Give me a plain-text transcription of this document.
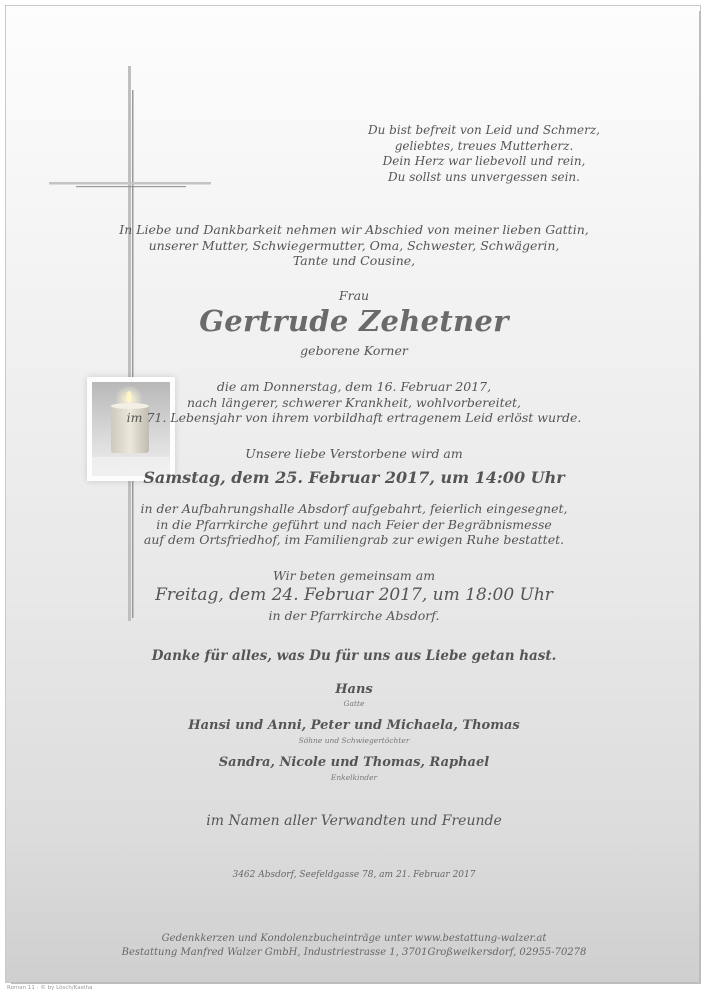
Du bist befreit von Leid und Schmerz,
geliebtes, treues Mutterherz.
Dein Herz war liebevoll und rein,
Du sollst uns unvergessen sein.
In Liebe und Dankbarkeit nehmen wir Abschied von meiner lieben Gattin,
unserer Mutter, Schwiegermutter, Oma, Schwester, Schwägerin,
Tante und Cousine,
Frau
Gertrude Zehetner
geborene Korner
die am Donnerstag, dem 16. Februar 2017,
nach längerer, schwerer Krankheit, wohlvorbereitet,
im 71. Lebensjahr von ihrem vorbildhaft ertragenem Leid erlöst wurde.
Unsere liebe Verstorbene wird am
Samstag, dem 25. Februar 2017, um 14:00 Uhr
in der Aufbahrungshalle Absdorf aufgebahrt, feierlich eingesegnet,
in die Pfarrkirche geführt und nach Feier der Begräbnismesse
auf dem Ortsfriedhof, im Familiengrab zur ewigen Ruhe bestattet.
Wir beten gemeinsam am
Freitag, dem 24. Februar 2017, um 18:00 Uhr
in der Pfarrkirche Absdorf.
Danke für alles, was Du für uns aus Liebe getan hast.
Hans
Gatte
Hansi und Anni, Peter und Michaela, Thomas
Söhne und Schwiegertöchter
Sandra, Nicole und Thomas, Raphael
Enkelkinder
im Namen aller Verwandten und Freunde
3462 Absdorf, Seefeldgasse 78, am 21. Februar 2017
Gedenkkerzen und Kondolenzbucheinträge unter www.bestattung-walzer.at
Bestattung Manfred Walzer GmbH, Industriestrasse 1, 3701Großweikersdorf, 02955-70278
Roman 11 - © by Lösch/Kastha
